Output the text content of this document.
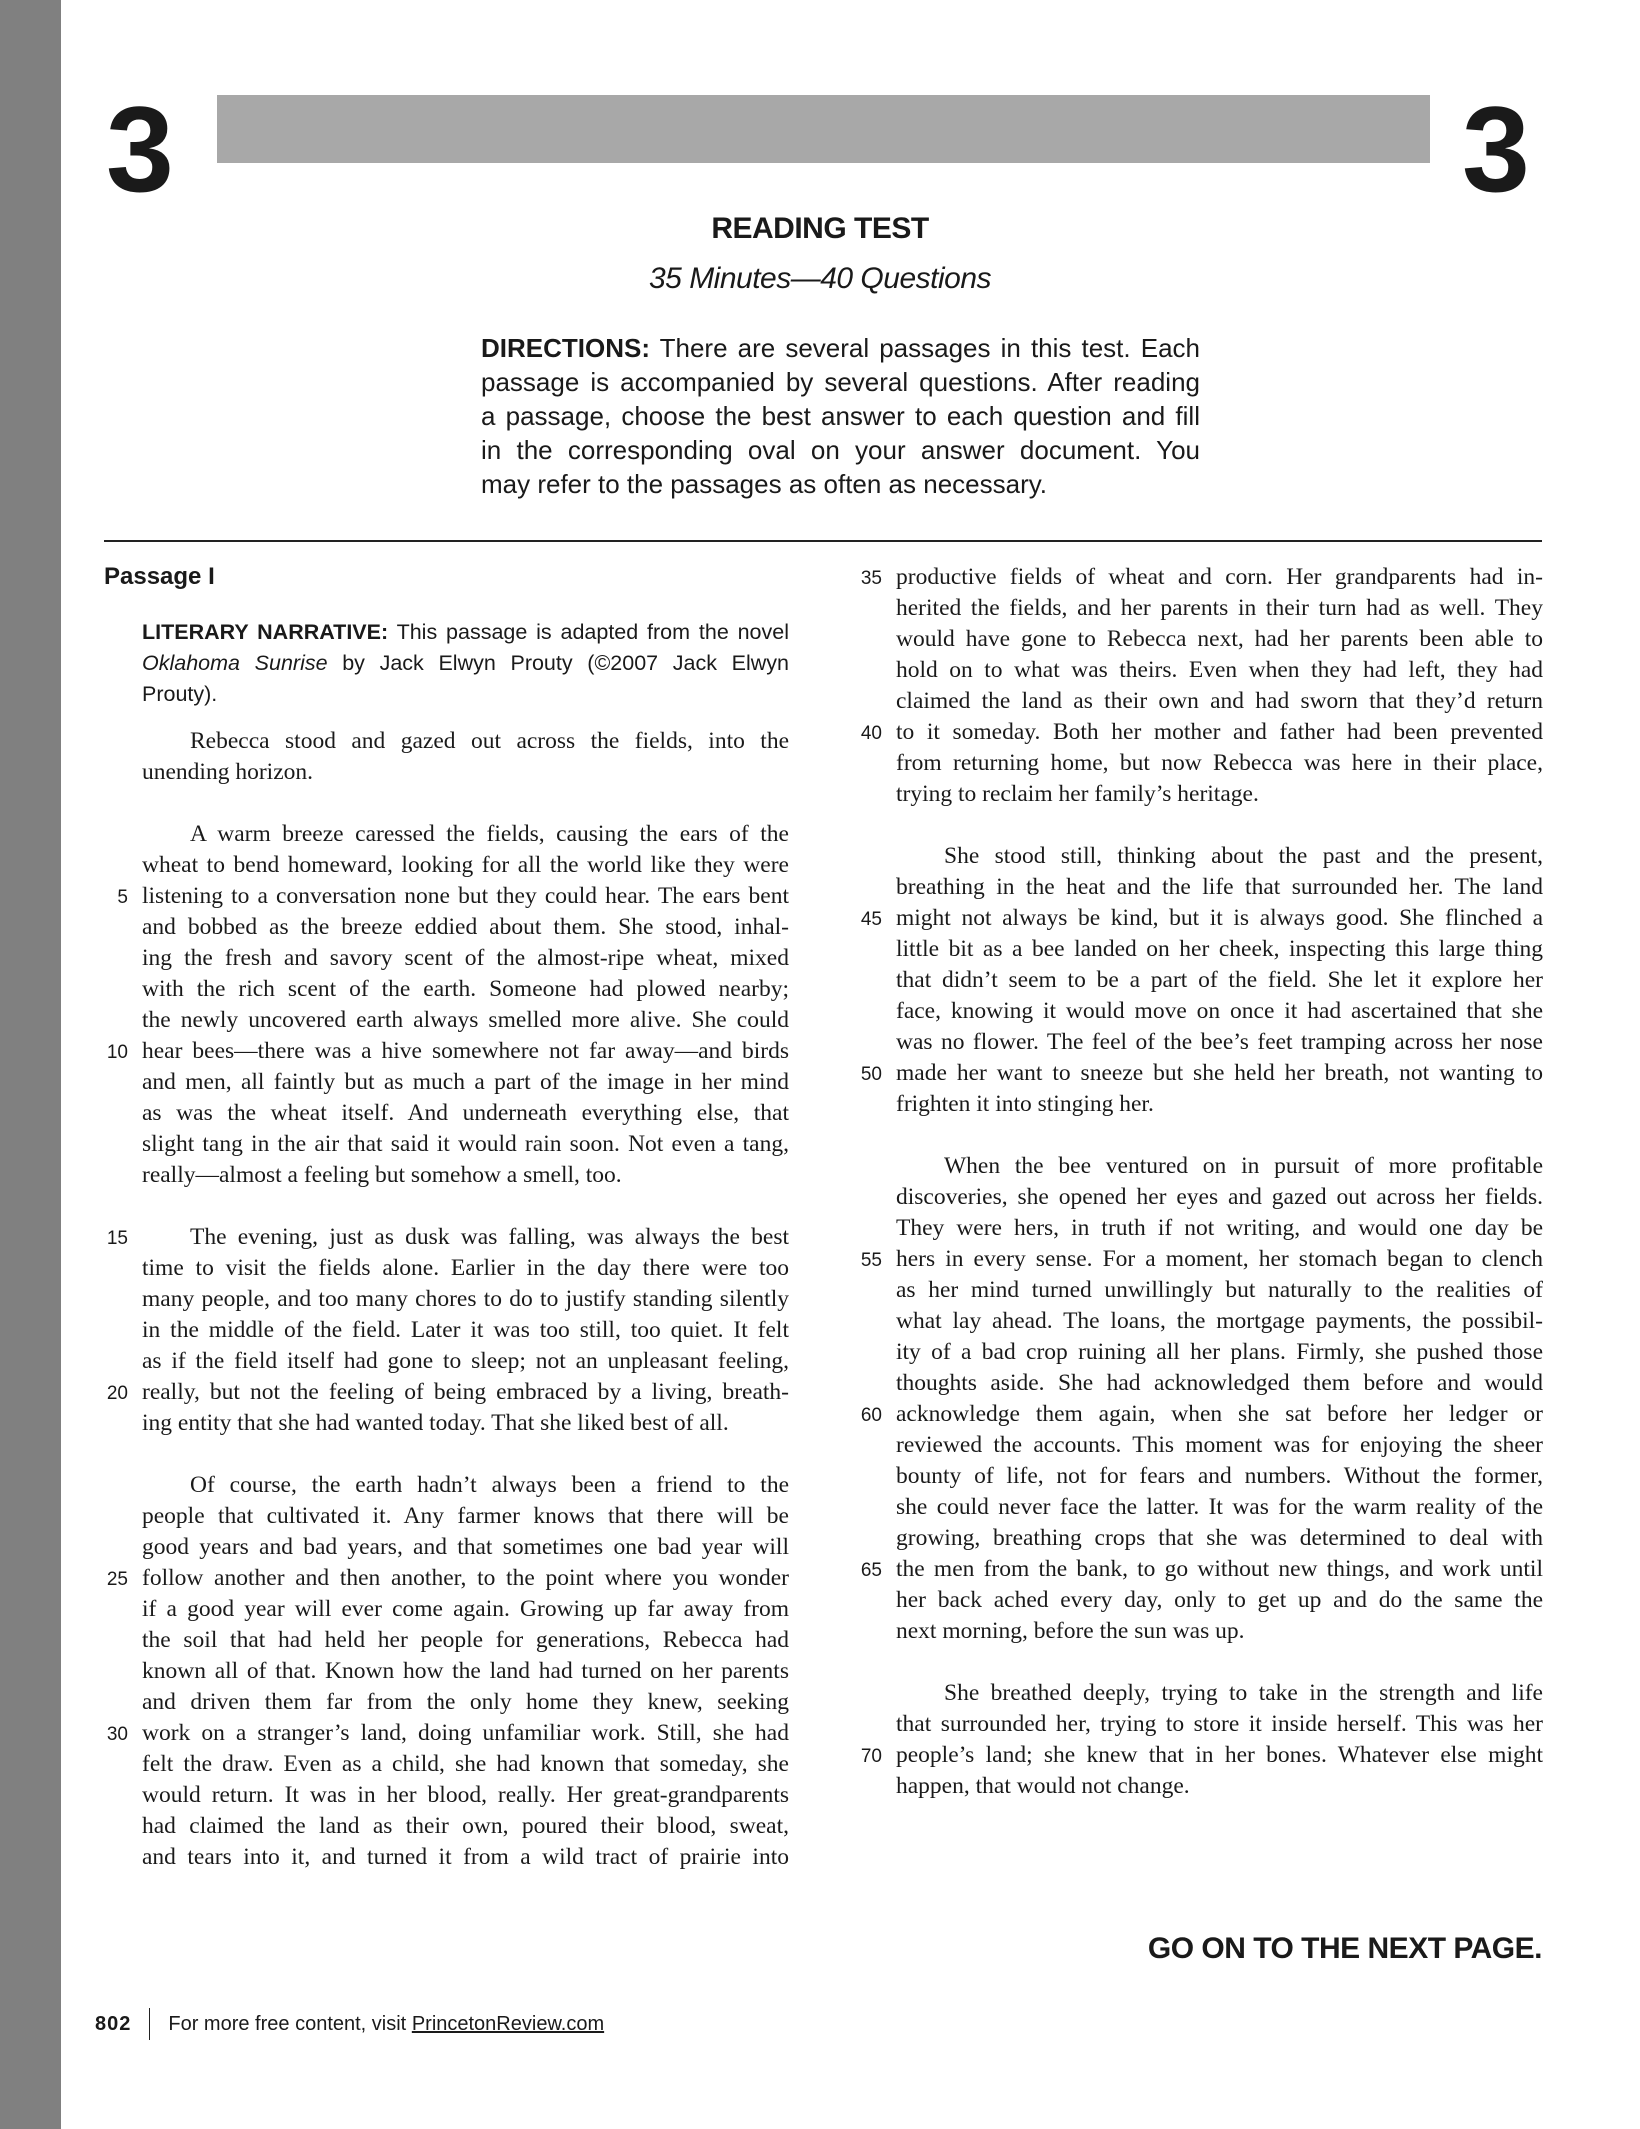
3	3
READING TEST
35 Minutes—40 Questions
DIRECTIONS: There are several passages in this test. Each
passage is accompanied by several questions. After reading
a passage, choose the best answer to each question and fill
in the corresponding oval on your answer document. You
may refer to the passages as often as necessary.
Passage I
LITERARY NARRATIVE: This passage is adapted from the novel
Oklahoma Sunrise by Jack Elwyn Prouty (©2007 Jack Elwyn
Prouty).
Rebecca stood and gazed out across the fields, into the
unending horizon.
A warm breeze caressed the fields, causing the ears of the
wheat to bend homeward, looking for all the world like they were
5 listening to a conversation none but they could hear. The ears bent
and bobbed as the breeze eddied about them. She stood, inhal-
ing the fresh and savory scent of the almost-ripe wheat, mixed
with the rich scent of the earth. Someone had plowed nearby;
the newly uncovered earth always smelled more alive. She could
10 hear bees—there was a hive somewhere not far away—and birds
and men, all faintly but as much a part of the image in her mind
as was the wheat itself. And underneath everything else, that
slight tang in the air that said it would rain soon. Not even a tang,
really—almost a feeling but somehow a smell, too.
15	The evening, just as dusk was falling, was always the best
time to visit the fields alone. Earlier in the day there were too
many people, and too many chores to do to justify standing silently
in the middle of the field. Later it was too still, too quiet. It felt
as if the field itself had gone to sleep; not an unpleasant feeling,
20 really, but not the feeling of being embraced by a living, breath-
ing entity that she had wanted today. That she liked best of all.
Of course, the earth hadn’t always been a friend to the
people that cultivated it. Any farmer knows that there will be
good years and bad years, and that sometimes one bad year will
25 follow another and then another, to the point where you wonder
if a good year will ever come again. Growing up far away from
the soil that had held her people for generations, Rebecca had
known all of that. Known how the land had turned on her parents
and driven them far from the only home they knew, seeking
30 work on a stranger’s land, doing unfamiliar work. Still, she had
felt the draw. Even as a child, she had known that someday, she
would return. It was in her blood, really. Her great-grandparents
had claimed the land as their own, poured their blood, sweat,
and tears into it, and turned it from a wild tract of prairie into
35 productive fields of wheat and corn. Her grandparents had in-
herited the fields, and her parents in their turn had as well. They
would have gone to Rebecca next, had her parents been able to
hold on to what was theirs. Even when they had left, they had
claimed the land as their own and had sworn that they’d return
40 to it someday. Both her mother and father had been prevented
from returning home, but now Rebecca was here in their place,
trying to reclaim her family’s heritage.
She stood still, thinking about the past and the present,
breathing in the heat and the life that surrounded her. The land
45 might not always be kind, but it is always good. She flinched a
little bit as a bee landed on her cheek, inspecting this large thing
that didn’t seem to be a part of the field. She let it explore her
face, knowing it would move on once it had ascertained that she
was no flower. The feel of the bee’s feet tramping across her nose
50 made her want to sneeze but she held her breath, not wanting to
frighten it into stinging her.
When the bee ventured on in pursuit of more profitable
discoveries, she opened her eyes and gazed out across her fields.
They were hers, in truth if not writing, and would one day be
55 hers in every sense. For a moment, her stomach began to clench
as her mind turned unwillingly but naturally to the realities of
what lay ahead. The loans, the mortgage payments, the possibil-
ity of a bad crop ruining all her plans. Firmly, she pushed those
thoughts aside. She had acknowledged them before and would
60 acknowledge them again, when she sat before her ledger or
reviewed the accounts. This moment was for enjoying the sheer
bounty of life, not for fears and numbers. Without the former,
she could never face the latter. It was for the warm reality of the
growing, breathing crops that she was determined to deal with
65 the men from the bank, to go without new things, and work until
her back ached every day, only to get up and do the same the
next morning, before the sun was up.
She breathed deeply, trying to take in the strength and life
that surrounded her, trying to store it inside herself. This was her
70 people’s land; she knew that in her bones. Whatever else might
happen, that would not change.
GO ON TO THE NEXT PAGE.
802 For more free content, visit
PrincetonReview.com
